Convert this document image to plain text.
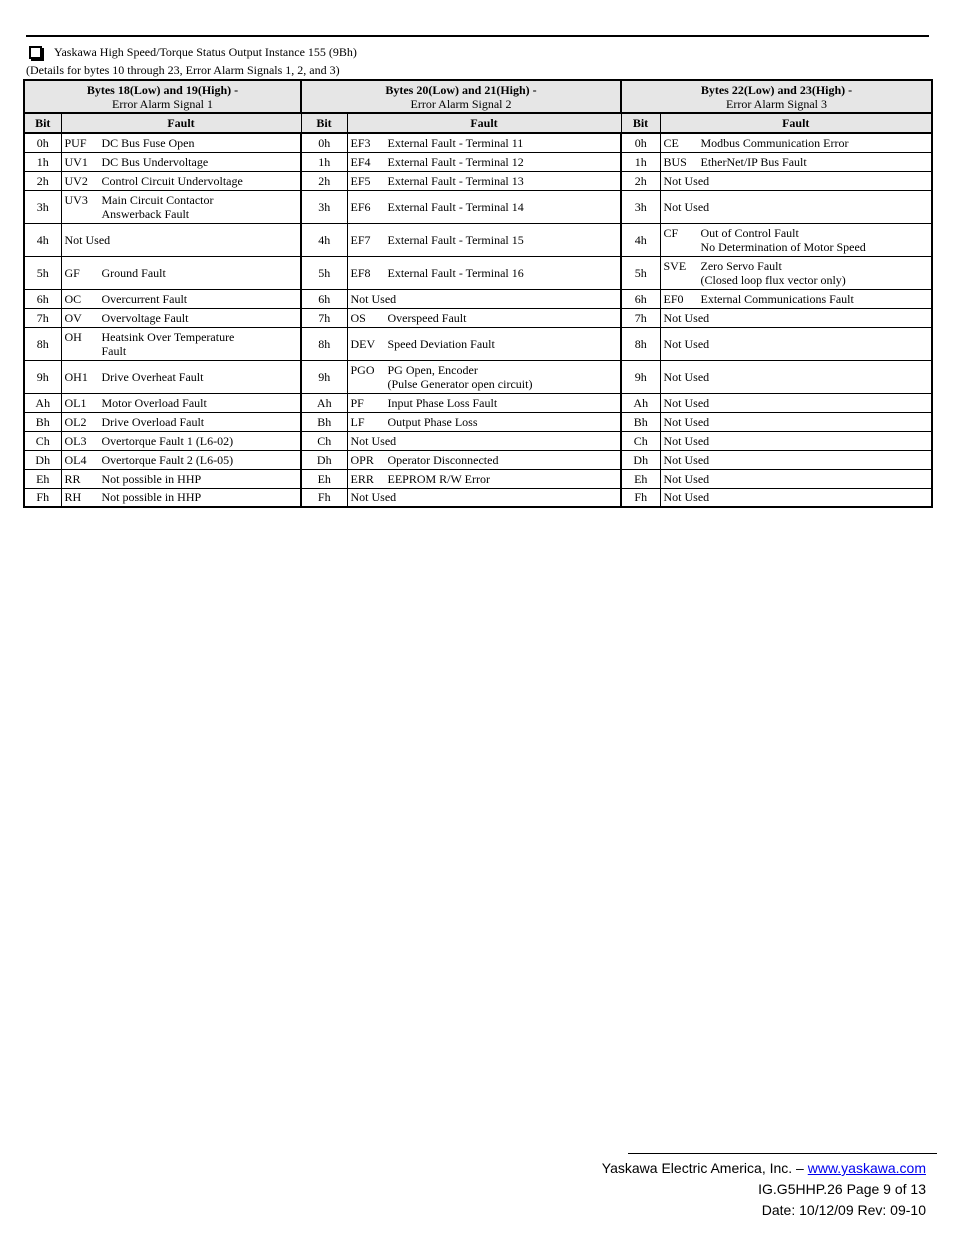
Yaskawa High Speed/Torque Status Output Instance 155 (9Bh)
(Details for bytes 10 through 23, Error Alarm Signals 1, 2, and 3)
Bytes 18(Low) and 19(High) -
Error Alarm Signal 1		Bytes 20(Low) and 21(High) -
Error Alarm Signal 2		Bytes 22(Low) and 23(High) -
Error Alarm Signal 3	

Bit	Fault	Bit	Fault	Bit	Fault
0h	PUF DC Bus Fuse Open	0h	EF3 External Fault - Terminal 11	0h	CE Modbus Communication Error

1h	UV1 DC Bus Undervoltage	1h	EF4 External Fault - Terminal 12	1h	BUS EtherNet/IP Bus Fault

2h	UV2 Control Circuit Undervoltage	2h	EF5 External Fault - Terminal 13	2h	Not Used
3h	UV3 Main Circuit Contactor
Answerback Fault	3h	EF6 External Fault - Terminal 14	3h	Not Used
4h	Not Used	4h	EF7 External Fault - Terminal 15	4h	CF Out of Control Fault
No Determination of Motor Speed

5h	GF Ground Fault	5h	EF8 External Fault - Terminal 16	5h	SVE Zero Servo Fault
(Closed loop flux vector only)

6h	OC Overcurrent Fault	6h	Not Used	6h	EF0 External Communications Fault

7h	OV Overvoltage Fault	7h	OS Overspeed Fault	7h	Not Used
8h	OH Heatsink Over Temperature
Fault	8h	DEV Speed Deviation Fault	8h	Not Used
9h	OH1 Drive Overheat Fault	9h	PGO PG Open, Encoder
(Pulse Generator open circuit)	9h	Not Used
Ah	OL1 Motor Overload Fault	Ah	PF Input Phase Loss Fault	Ah	Not Used
Bh	OL2 Drive Overload Fault	Bh	LF Output Phase Loss	Bh	Not Used
Ch	OL3 Overtorque Fault 1 (L6-02)	Ch	Not Used	Ch	Not Used
Dh	OL4 Overtorque Fault 2 (L6-05)	Dh	OPR Operator Disconnected	Dh	Not Used
Eh	RR Not possible in HHP	Eh	ERR EEPROM R/W Error	Eh	Not Used
Fh	RH Not possible in HHP	Fh	Not Used	Fh	Not Used
Yaskawa Electric America, Inc. – www.yaskawa.com
IG.G5HHP.26 Page 9 of 13
Date: 10/12/09 Rev: 09-10
